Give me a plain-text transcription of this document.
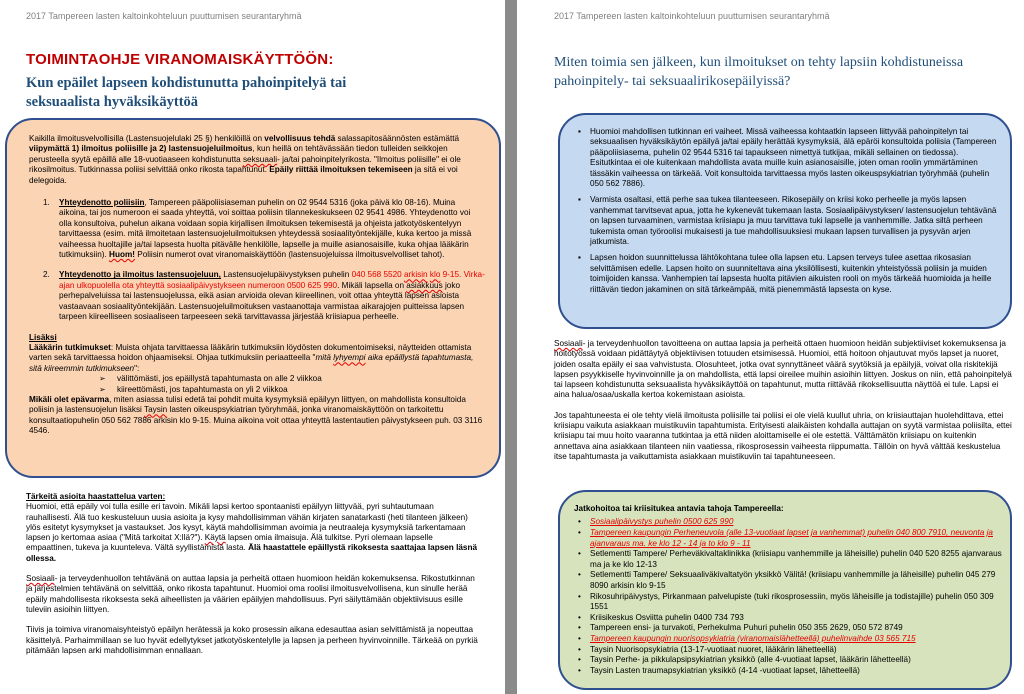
2017 Tampereen lasten kaltoinkohteluun puuttumisen seurantaryhmä
TOIMINTAOHJE VIRANOMAISKÄYTTÖÖN:
Kun epäilet lapseen kohdistunutta pahoinpitelyä tai
seksuaalista hyväksikäyttöä

Kaikilla ilmoitusvelvollisilla (Lastensuojelulaki 25 §) henkilöillä on velvollisuus tehdä salassapitosäännösten estämättä viipymättä 1) ilmoitus poliisille ja 2) lastensuojeluilmoitus, kun heillä on tehtävässään tiedon tulleiden seikkojen perusteella syytä epäillä alle 18-vuotiaaseen kohdistunutta seksuaali- ja/tai pahoinpitelyrikosta. "Ilmoitus poliisille" ei ole rikosilmoitus. Tutkinnassa poliisi selvittää onko rikosta tapahtunut. Epäily riittää ilmoituksen tekemiseen ja sitä ei voi delegoida.

1. Yhteydenotto poliisiin, Tampereen pääpoliisiaseman puhelin on 02 9544 5316 (joka päivä klo 08-16). Muina aikoina, tai jos numeroon ei saada yhteyttä, voi soittaa poliisin tilannekeskukseen 02 9541 4986. Yhteydenotto voi olla konsultoiva, puhelun aikana voidaan sopia kirjallisen ilmoituksen tekemisestä ja ohjeista jatkotyöskentelyyn tarvittaessa (esim. mitä ilmoitetaan lastensuojeluilmoituksen yhteydessä sosiaalityöntekijälle, kuka kertoo ja missä vaiheessa huoltajille ja/tai lapsesta huolta pitävälle henkilölle, lapselle ja muille asianosaisille, kuka ohjaa lääkärin tutkimuksiin). Huom! Poliisin numerot ovat viranomaiskäyttöön (lastensuojeluissa ilmoitusvelvolliset tahot).
2. Yhteydenotto ja ilmoitus lastensuojeluun, Lastensuojelupäivystyksen puhelin 040 568 5520 arkisin klo 9-15. Virka-ajan ulkopuolella ota yhteyttä sosiaalipäivystykseen numeroon 0500 625 990. Mikäli lapsella on asiakkuus joko perhepalveluissa tai lastensuojelussa, eikä asian arvioida olevan kiireellinen, voit ottaa yhteyttä lapsen asioista vastaavaan sosiaalityöntekijään. Lastensuojeluilmoituksen vastaanottaja varmistaa aikarajojen puitteissa lapsen tarpeen kiireelliseen sosiaaliseen tarpeeseen sekä tarvittavassa järjestää kriisiapua perheelle.

Lisäksi

Lääkärin tutkimukset: Muista ohjata tarvittaessa lääkärin tutkimuksiin löydösten dokumentoimiseksi, näytteiden ottamista varten sekä tarvittaessa hoidon ohjaamiseksi. Ohjaa tutkimuksiin periaatteella "mitä lyhyempi aika epäillystä tapahtumasta, sitä kiireemmin tutkimukseen":

➢ välittömästi, jos epäillystä tapahtumasta on alle 2 viikkoa
➢ kiireettömästi, jos tapahtumasta on yli 2 viikkoa

Mikäli olet epävarma, miten asiassa tulisi edetä tai pohdit muita kysymyksiä epäilyyn liittyen, on mahdollista konsultoida poliisin ja lastensuojelun lisäksi Taysin lasten oikeuspsykiatrian työryhmää, jonka viranomaiskäyttöön on tarkoitettu konsultaatiopuhelin 050 562 7886 arkisin klo 9-15. Muina aikoina voit ottaa yhteyttä lastentautien päivystykseen puh. 03 3116 4546.

Tärkeitä asioita haastattelua varten:

Huomioi, että epäily voi tulla esille eri tavoin. Mikäli lapsi kertoo spontaanisti epäilyyn liittyvää, pyri suhtautumaan rauhallisesti. Älä tuo keskusteluun uusia asioita ja kysy mahdollisimman vähän kirjaten sanatarkasti (heti tilanteen jälkeen) ylös esitetyt kysymykset ja vastaukset. Jos kysyt, käytä mahdollisimman avoimia ja neutraaleja kysymyksiä tarkentamaan lapsen jo kertomaa asiaa ("Mitä tarkoitat X:llä?"). Käytä lapsen omia ilmaisuja. Älä tulkitse. Pyri olemaan lapselle empaattinen, tukeva ja kuunteleva. Vältä syyllistämistä lasta. Älä haastattele epäillystä rikoksesta saattajaa lapsen läsnä ollessa.

Sosiaali- ja terveydenhuollon tehtävänä on auttaa lapsia ja perheitä ottaen huomioon heidän kokemuksensa. Rikostutkinnan ja järjestelmien tehtävänä on selvittää, onko rikosta tapahtunut. Huomioi oma roolisi ilmoitusvelvollisena, kun sinulle herää epäily mahdollisesta rikoksesta sekä aiheellisten ja väärien epäilyjen mahdollisuus. Pyri säilyttämään objektiivisuus esille tuleviin asioihin liittyen.

Tiivis ja toimiva viranomaisyhteistyö epäilyn herätessä ja koko prosessin aikana edesauttaa asian selvittämistä ja nopeuttaa käsittelyä. Parhaimmillaan se luo hyvät edellytykset jatkotyöskentelylle ja lapsen ja perheen hyvinvoinnille. Tärkeää on pyrkiä pitämään lapsen arki mahdollisimman ennallaan.

2017 Tampereen lasten kaltoinkohteluun puuttumisen seurantaryhmä
Miten toimia sen jälkeen, kun ilmoitukset on tehty lapsiin kohdistuneissa
pahoinpitely- tai seksuaalirikosepäilyissä?
▪ Huomioi mahdollisen tutkinnan eri vaiheet. Missä vaiheessa kohtaatkin lapseen liittyvää pahoinpitelyn tai seksuaalisen hyväksikäytön epäilyä ja/tai epäily herättää kysymyksiä, älä epäröi konsultoida poliisia (Tampereen pääpoliisiasema, puhelin 02 9544 5316 tai tapaukseen nimettyä tutkijaa, mikäli sellainen on tiedossa). Esitutkintaa ei ole kuitenkaan mahdollista avata muille kuin asianosaisille, joten oman roolin ymmärtäminen tässäkin vaiheessa on tärkeää. Voit konsultoida tarvittaessa myös lasten oikeuspsykiatrian työryhmää (puhelin 050 562 7886).
▪ Varmista osaltasi, että perhe saa tukea tilanteeseen. Rikosepäily on kriisi koko perheelle ja myös lapsen vanhemmat tarvitsevat apua, jotta he kykenevät tukemaan lasta. Sosiaalipäivystyksen/ lastensuojelun tehtävänä on lapsen turvaaminen, varmistaa kriisiapu ja muu tarvittava tuki lapselle ja vanhemmille. Jatka siltä perheen tukemista oman työroolisi mukaisesti ja tue mahdollisuuksiesi mukaan lapsen turvallisen ja pysyvän arjen jatkumista.
▪ Lapsen hoidon suunnittelussa lähtökohtana tulee olla lapsen etu. Lapsen terveys tulee asettaa rikosasian selvittämisen edelle. Lapsen hoito on suunniteltava aina yksilöllisesti, kuitenkin yhteistyössä poliisin ja muiden toimijoiden kanssa. Vanhempien tai lapsesta huolta pitävien aikuisten rooli on myös tärkeää huomioida ja heille riittävän tiedon jakaminen on sitä tärkeämpää, mitä pienemmästä lapsesta on kyse.

Sosiaali- ja terveydenhuollon tavoitteena on auttaa lapsia ja perheitä ottaen huomioon heidän subjektiiviset kokemuksensa ja hoitotyössä voidaan pidättäytyä objektiivisen totuuden etsimisessä. Huomioi, että hoitoon ohjautuvat myös lapset ja nuoret, joiden osalta epäily ei saa vahvistusta. Olosuhteet, jotka ovat synnyttäneet väärä syytöksiä ja epäilyjä, voivat olla riskitekijä lapsen psyykkiselle hyvinvoinnille ja on mahdollista, että lapsi oireilee muihin asioihin liittyen. Joskus on niin, että pahoinpitelyä tai lapseen kohdistunutta seksuaalista hyväksikäyttöä on tapahtunut, mutta riittävää rikoksellisuutta näyttöä ei tule. Lapsi ei aina halua/osaa/uskalla kertoa kokemistaan asioista.

Jos tapahtuneesta ei ole tehty vielä ilmoitusta poliisille tai poliisi ei ole vielä kuullut uhria, on kriisiauttajan huolehdittava, ettei kriisiapu vaikuta asiakkaan muistikuviin tapahtumista. Erityisesti alaikäisten kohdalla auttajan on syytä varmistaa poliisilta, ettei kriisiapu tai muu hoito vaaranna tutkintaa ja että niiden aloittamiselle ei ole estettä. Välttämätön kriisiapu on kuitenkin annettava aina asiakkaan tilanteen niin vaatiessa, rikosprosessin vaiheesta riippumatta. Tällöin on hyvä välttää keskustelua itse tapahtumasta ja vaikuttamista asiakkaan muistikuviin tai tapahtuneeseen.

Jatkohoitoa tai kriisitukea antavia tahoja Tampereella:

• Sosiaalipäivystys puhelin 0500 625 990
• Tampereen kaupungin Perheneuvola (alle 13-vuotiaat lapset ja vanhemmat) puhelin 040 800 7910, neuvonta ja ajanvaraus ma. ke klo 12 - 14 ja to klo 9 - 11
• Setlementti Tampere/ Perheväkivaltaklinikka (kriisiapu vanhemmille ja läheisille) puhelin 040 520 8255 ajanvaraus ma ja ke klo 12-13
• Setlementti Tampere/ Seksuaaliväkivaltatyön yksikkö Välitä! (kriisiapu vanhemmille ja läheisille) puhelin 045 279 8090 arkisin klo 9-15
• Rikosuhripäivystys, Pirkanmaan palvelupiste (tuki rikosprosessiin, myös läheisille ja todistajille) puhelin 050 309 1551
• Kriisikeskus Osviitta puhelin 0400 734 793
• Tampereen ensi- ja turvakoti, Perhekulma Puhuri puhelin 050 355 2629, 050 572 8749
• Tampereen kaupungin nuorisopsykiatria (viranomaislähetteellä) puhelinvaihde 03 565 715
• Taysin Nuorisopsykiatria (13-17-vuotiaat nuoret, lääkärin lähetteellä)
• Taysin Perhe- ja pikkulapsipsykiatrian yksikkö (alle 4-vuotiaat lapset, lääkärin lähetteellä)
• Taysin Lasten traumapsykiatrian yksikkö (4-14 -vuotiaat lapset, lähetteellä)
